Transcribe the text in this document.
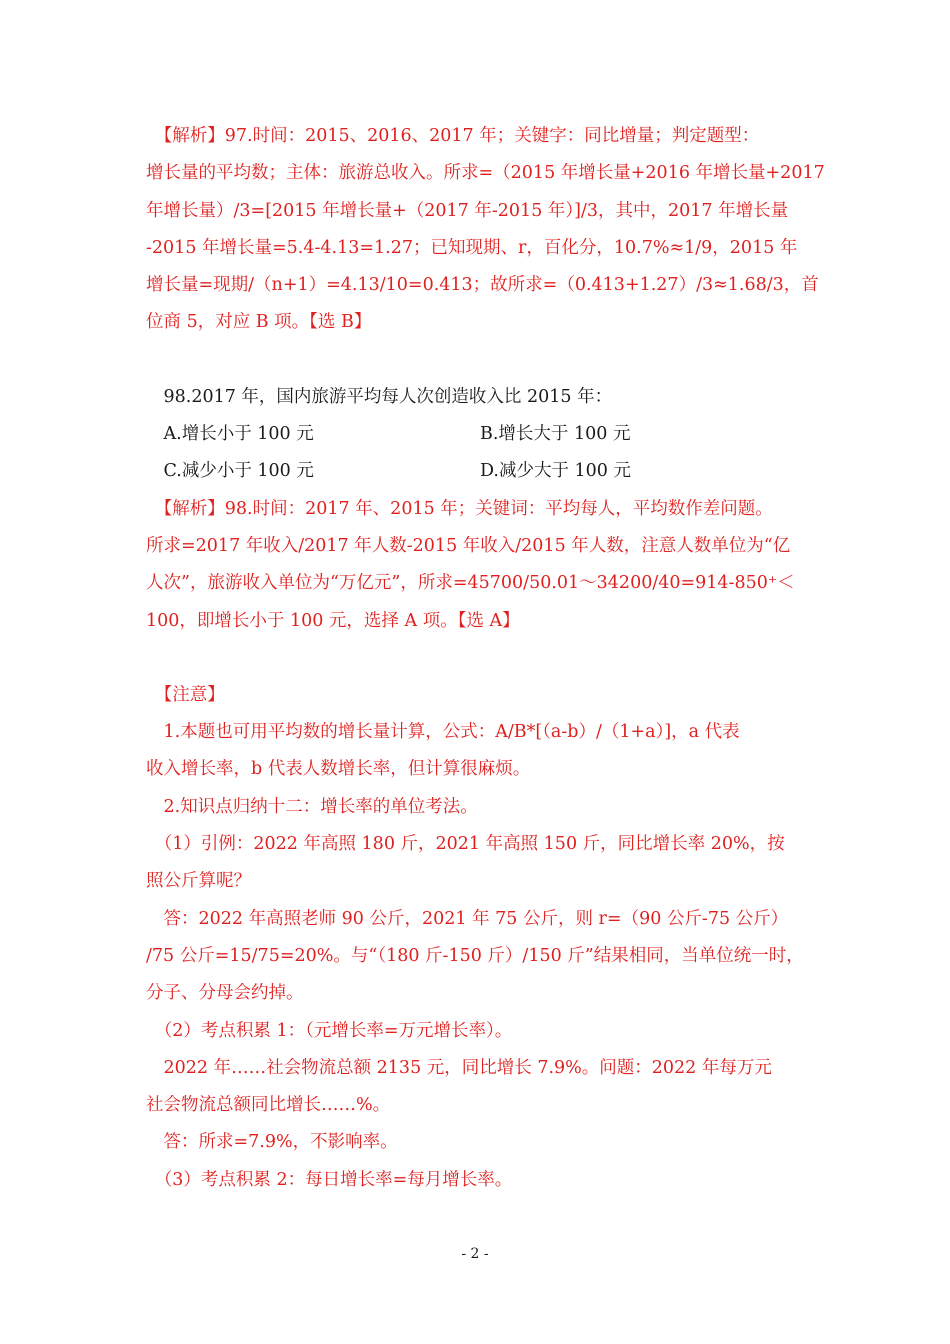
　【解析】97.时间：2015、2016、2017 年；关键字：同比增量；判定题型：
增长量的平均数；主体：旅游总收入。所求=（2015 年增长量+2016 年增长量+2017
年增长量）/3=[2015 年增长量+（2017 年-2015 年）]/3，其中，2017 年增长量
-2015 年增长量=5.4-4.13=1.27；已知现期、r，百化分，10.7%≈1/9，2015 年
增长量=现期/（n+1）=4.13/10=0.413；故所求=（0.413+1.27）/3≈1.68/3，首
位商 5，对应 B 项。【选 B】
　98.2017 年，国内旅游平均每人次创造收入比 2015 年：
　A.增长小于 100 元	B.增长大于 100 元
　C.减少小于 100 元	D.减少大于 100 元
　【解析】98.时间：2017 年、2015 年；关键词：平均每人，平均数作差问题。
所求=2017 年收入/2017 年人数-2015 年收入/2015 年人数，注意人数单位为“亿
人次”，旅游收入单位为“万亿元”，所求=45700/50.01～34200/40=914-850⁺＜
100，即增长小于 100 元，选择 A 项。【选 A】
　【注意】
　1.本题也可用平均数的增长量计算，公式：A/B*[（a-b）/（1+a）]，a 代表
收入增长率，b 代表人数增长率，但计算很麻烦。
　2.知识点归纳十二：增长率的单位考法。
　（1）引例：2022 年高照 180 斤，2021 年高照 150 斤，同比增长率 20%，按
照公斤算呢？
　答：2022 年高照老师 90 公斤，2021 年 75 公斤，则 r=（90 公斤-75 公斤）
/75 公斤=15/75=20%。与“（180 斤-150 斤）/150 斤”结果相同，当单位统一时，
分子、分母会约掉。
　（2）考点积累 1：（元增长率=万元增长率）。
　2022 年……社会物流总额 2135 元，同比增长 7.9%。问题：2022 年每万元
社会物流总额同比增长……%。
　答：所求=7.9%，不影响率。
　（3）考点积累 2：每日增长率=每月增长率。
- 2 -
